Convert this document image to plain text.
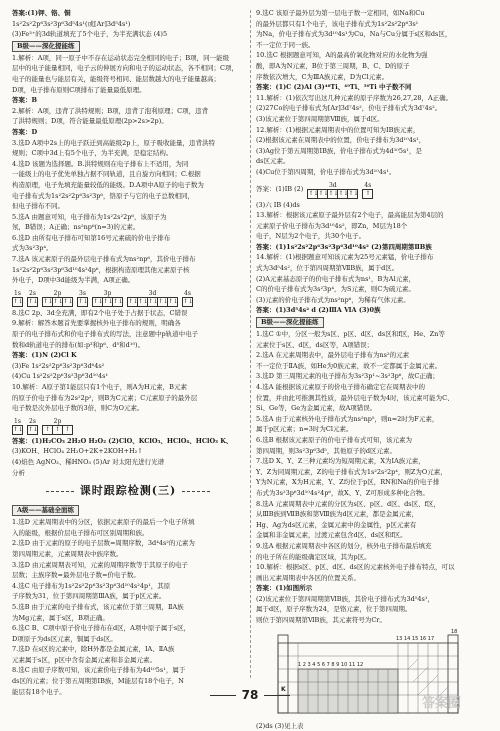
答案:(1)钾、铬、铜
1s²2s²2p⁶3s²3p⁶3d⁵4s¹(或[Ar]3d⁵4s¹)
(3)Fe³⁺的3d轨道填充了5个电子，为半充满状态 (4)5
B级——深化提能练
1.解析：A项，同一原子中不存在运动状态完全相同的电子；B项，同一能级
层中的电子能量相同，电子云的伸展方向和电子的运动状态，各不相同；C项，
电子的能量也与能层有关，能级符号相同、能层数越大的电子能量越高；
D项，电子排布原则C项排布了能量最低原理。
答案：B
2.解析：A项，违背了洪特规则；B项，违背了泡利原理；C项，违背
了洪特规则；D项，符合能量最低原理(2p>2s>2p)。
答案：D
3.选D A项中2s上的电子跃迁到高能级2p上，原子吸收能量，违背洪特
规则；C项中3d上有5个电子，为半充满，是稳定结构。
4.选D 该题为选择题。B.洪特规则在电子排布上不适用，为同
一能级上的电子优先单独占据不同轨道，且自旋方向相同；C.根据
构造原理，电子先填充能量较低的能级。D.A项中A原子的电子数为
电子排布式为1s²2s²2p⁶3s²3p⁶，铬原子与它的电子总数相同，
但电子排布不同。
5.选A 由题意可知，电子排布为1s²2s²2p⁶，该原子为
氖，B错误；A正确；ns²np⁶(n=3)的元素。
6.选D 由所有电子排布可知第16号元素硫的价电子排布
式为3s²3p⁴。
7.选A 该元素原子的最外层电子排布式为ns²np⁶，其价电子排布
1s²2s²2p⁶3s²3p⁶3d¹⁰4s²4p⁶，根据构造原理其他元素原子核
外电子，D项中3d能级为半满，A项正确。
1s
↑↓
2s
↑↓
2p
↑↓ ↑↓ ↑↓
3s
↑↓
3p
↑↓ ↑↓ ↑↓
3d
↑↓ ↑↓ ↑↓ ↑↓ ↑↓
4s
↑↓
8.选C 2p、3d全充满，即有2个电子处于占据于状态，C错误
9.解析：解答本题首先要掌握核外电子排布的规则，明确各
原子的电子排布式和价电子排布式的写法，注意题中p轨道中电子
数和d轨道电子的排布(如:p³和p⁶、d⁵和d¹⁰)。
答案：(1)N (2)Cl K
(3)Fe 1s²2s²2p⁶3s²3p⁶3d⁶4s²
(4)Cu 1s²2s²2p⁶3s²3p⁶3d¹⁰4s¹
10.解析：A原子第1能层只有1个电子，则A为H元素，B元素
的原子价电子排布为2s²2p²，则B为C元素；C元素原子的最外层
电子数是次外层电子数的3倍，则C为O元素。
1s
↑↓
2s
↑↓
2p
↑ ↑ ↑
答案：(1)H₂CO₃ 2H₂O H₂O₂ (2)ClO、KClO₃、HClO₄、HClO₃ K、
(3)KOH、HClO₄ 2H₂O+2K+2KOH+H₂↑
(4)焰色 AgNO₃、稀HNO₃ (5)Ar 对太阳光进行光谱
分析
课时跟踪检测(三)
A级——基础全面练
1.选D 元素周期表中的分区，依据元素原子的最后一个电子所填
入的能级，根据价层电子排布可区别周期和族。
2.选D 由于元素的原子的电子层数=周期序数，3d⁴4s²的元素为
第四周期元素，元素周期表中族序数。
3.选D 由元素周期表可知，元素的周期序数等于其原子的电子
层数；主族序数=最外层电子数=价电子数。
4.选C 电子排布为1s²2s²2p⁶3s²3p⁶3d¹⁰4s²4p¹，其原
子序数为31，位于第四周期第ⅢA族，属于p区元素。
5.选B 由于元素的电子排布式，该元素位于第三周期，ⅡA族
为Mg元素，属于s区，B项正确。
6.选C B、C项中原子价电子排布在d区，A项中原子属于s区，
D项原子为ds区元素，铜属于ds区。
7.选D 在s区的元素中，除H外都是金属元素，ⅠA、ⅡA族
元素属于s区，p区中含有金属元素和非金属元素。
8.选C 由原子序数可知，该元素价电子排布为4d¹⁰5s¹，属于
ds区的元素；位于第五周期第ⅠB族，M能层有18个电子，N
能层有18个电子。
9.选C 该原子最外层为第一层电子数一定相同，如Na和Cu
的最外层都只有1个电子，该电子排布式为1s²2s²2p⁶3s¹
为Na，价电子排布式为3d¹⁰4s¹为Cu，Na与Cu分属于s区和ds区，
不一定位于同一族。
10.选C 根据题意可知，A的最高价氧化物对应的水化物为强
酸，即A为N元素，B位于第三周期，B、C、D的原子
序数依次增大，C为ⅢA族元素，D为Cl元素。
答案：(1)C (2)Al (3)⁴⁸Ti、⁴⁹Ti、⁵⁰Ti 中子数不同
11.解析：(1)依次写出这几种元素的原子序数为26,27,28，A正确。
(2)27Co的电子排布式为[Ar]3d⁷4s²，价电子排布式为3d⁷4s²。
(3)该元素位于第四周期第Ⅷ族，属于d区。
12.解析：(1)根据元素周期表中的位置可知为ⅠB族元素，
(2)根据该元素在周期表中的位置，价电子排布为3d¹⁰4s¹，
(3)Ag位于第五周期第ⅠB族，价电子排布式为4d¹⁰5s¹，是
ds区元素。
(4)Cu位于第四周期，价电子排布式为3d¹⁰4s¹。
答案：(1)ⅠB (2)	3d
↑↓ ↑↓ ↑↓ ↑↓ ↑↓
4s
↑
(3)六 ⅠB (4)ds
13.解析：根据该元素原子最外层有2个电子，最高能层为第4层的
元素原子价电子排布为3d¹⁰4s²，即Zn，M层为18个
电子，N层为2个电子，共30个电子。
答案：(1)1s²2s²2p⁶3s²3p⁶3d¹⁰4s² (2)第四周期第ⅡB族
14.解析：(1)根据题意可知该元素为25号元素锰，价电子排布
式为3d⁵4s²，位于第四周期第ⅦB族，属于d区。
(2)A元素基态原子的价电子排布式为ns¹，B为Al元素，
C的价电子排布式为3s²3p⁴，为S元素，则C为硫元素。
(3)元素的价电子排布式为ns²np⁶，为稀有气体元素。
答案：(1)3d⁵4s² d (2)ⅢA ⅥA (3)0族
B级——深化提能练
1.选C ①中，分区一般为s区、p区、d区、ds区和f区，He、Zn等
元素位于s区、d区，ds区等，A项错误；
2.选A 在元素周期表中，最外层电子排布为ns²的元素
不一定位于ⅡA族，如He为0族元素，故不一定都属于金属元素。
3.选D 第三周期元素的电子排布为3s²3p¹~3s²3p⁶，故C正确；
4.选A 能根据该元素原子的价电子排布确定它在周期表中的
位置，并由此可推测其性质，最外层电子数为4时，该元素可能为C、
Si、Ge等，Ge为金属元素，故A项错误。
5.选A 由于元素核外电子排布式为ns²np⁵，则n=2时为F元素，
属于p区元素；n=3时为Cl元素。
6.选B 根据该元素原子的价电子排布式可知，该元素为
第四周期，则3s²3p⁶3d⁵，其他原子的d区元素。
7.选D X、Y、Z三种元素均为短周期元素，X为ⅠA族元素，
Y、Z为同周期元素，Z的电子排布式为1s²2s²2p⁴，则Z为O元素，
Y为N元素，X为H元素，Y、Z均位于p区，RN和Na的价电子排
布式为3s²3p⁶3d¹⁰4s²4p⁶，故X、Y、Z可形成多种化合物。
8.选A 元素周期表中元素的分区为s区、p区、d区、ds区、f区，
从ⅢB族到ⅦB族和第Ⅷ族为d区元素，都是金属元素，
Hg、Ag为ds区元素，金属元素中的金属性，p区元素有
金属和非金属元素，过渡元素包含d区、ds区和f区。
9.选A 根据元素周期表中各区的划分，核外电子排布最后填充
的电子所在的能级确定区域，其为p区。
10.解析：根据s区、p区、d区、ds区的元素核外电子排布特点，可以
画出元素周期表中各区的位置关系。
答案：(1)如图所示
(2)该元素位于第四周期第ⅥB族，其价电子排布式为3d⁵4s¹，
属于d区，原子序数为24，是铬元素，位于第四周期。
则位于第四周期第ⅥB族，其元素符号为Cr。
1 2 3 4 5 6 7 8 9 10 11 12
13 14 15 16 17
18
K
(2)ds (3)见上表
78
答案圈
